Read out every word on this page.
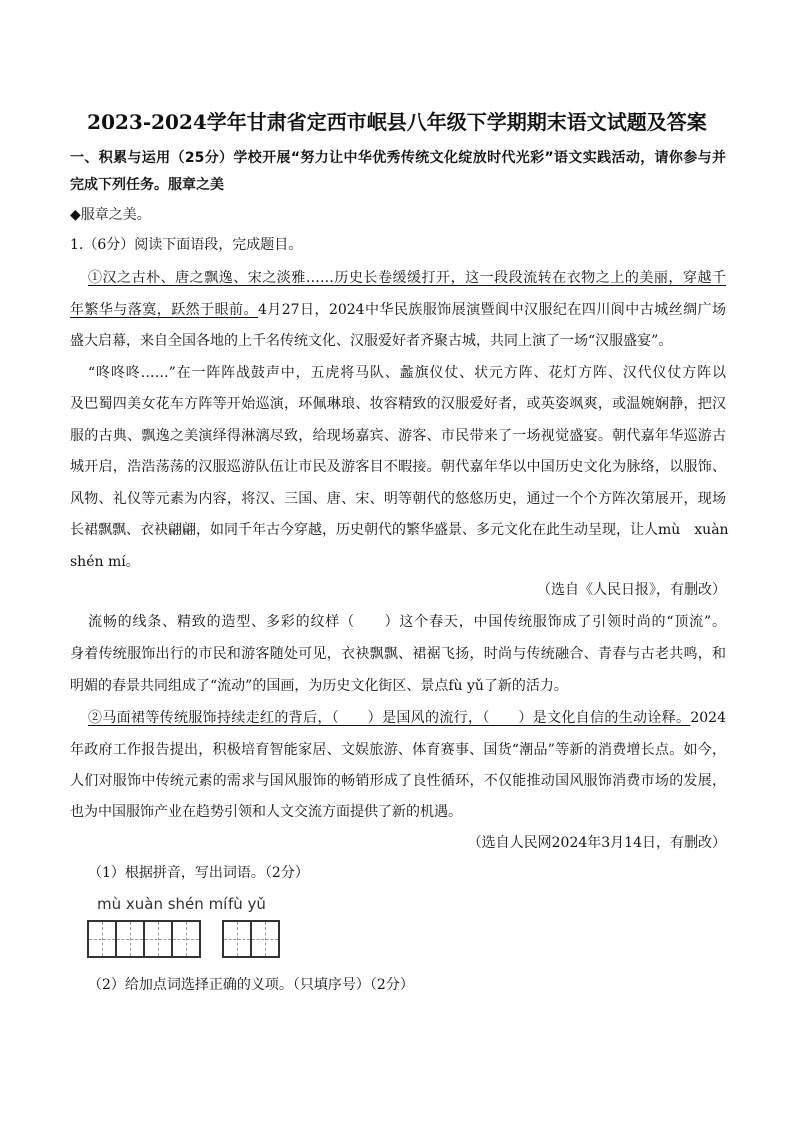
2023-2024学年甘肃省定西市岷县八年级下学期期末语文试题及答案
一、积累与运用（25分）学校开展“努力让中华优秀传统文化绽放时代光彩”语文实践活动，请你参与并
完成下列任务。服章之美
◆服章之美。
1.（6分）阅读下面语段，完成题目。
①汉之古朴、唐之飘逸、宋之淡雅……历史长卷缓缓打开，这一段段流转在衣物之上的美丽，穿越千
年繁华与落寞，跃然于眼前。4月27日，2024中华民族服饰展演暨阆中汉服纪在四川阆中古城丝绸广场
盛大启幕，来自全国各地的上千名传统文化、汉服爱好者齐聚古城，共同上演了一场“汉服盛宴”。
“咚咚咚……”在一阵阵战鼓声中，五虎将马队、蠡旗仪仗、状元方阵、花灯方阵、汉代仪仗方阵以
及巴蜀四美女花车方阵等开始巡演，环佩琳琅、妆容精致的汉服爱好者，或英姿飒爽，或温婉娴静，把汉
服的古典、飘逸之美演绎得淋漓尽致，给现场嘉宾、游客、市民带来了一场视觉盛宴。朝代嘉年华巡游古
城开启，浩浩荡荡的汉服巡游队伍让市民及游客目不暇接。朝代嘉年华以中国历史文化为脉络，以服饰、
风物、礼仪等元素为内容，将汉、三国、唐、宋、明等朝代的悠悠历史，通过一个个方阵次第展开，现场
长裙飘飘、衣袂翩翩，如同千年古今穿越，历史朝代的繁华盛景、多元文化在此生动呈现，让人mù　xuàn
shén mí。
（选自《人民日报》，有删改）
流畅的线条、精致的造型、多彩的纹样（　　）这个春天，中国传统服饰成了引领时尚的“顶流”。
身着传统服饰出行的市民和游客随处可见，衣袂飘飘、裙裾飞扬，时尚与传统融合、青春与古老共鸣，和
明媚的春景共同组成了“流动”的国画，为历史文化街区、景点fù yǔ了新的活力。
②马面裙等传统服饰持续走红的背后，（　　）是国风的流行，（　　）是文化自信的生动诠释。2024
年政府工作报告提出，积极培育智能家居、文娱旅游、体育赛事、国货“潮品”等新的消费增长点。如今，
人们对服饰中传统元素的需求与国风服饰的畅销形成了良性循环，不仅能推动国风服饰消费市场的发展，
也为中国服饰产业在趋势引领和人文交流方面提供了新的机遇。
（选自人民网2024年3月14日，有删改）
（1）根据拼音，写出词语。（2分）
mù xuàn shén mí fù yǔ
（2）给加点词选择正确的义项。（只填序号）（2分）
